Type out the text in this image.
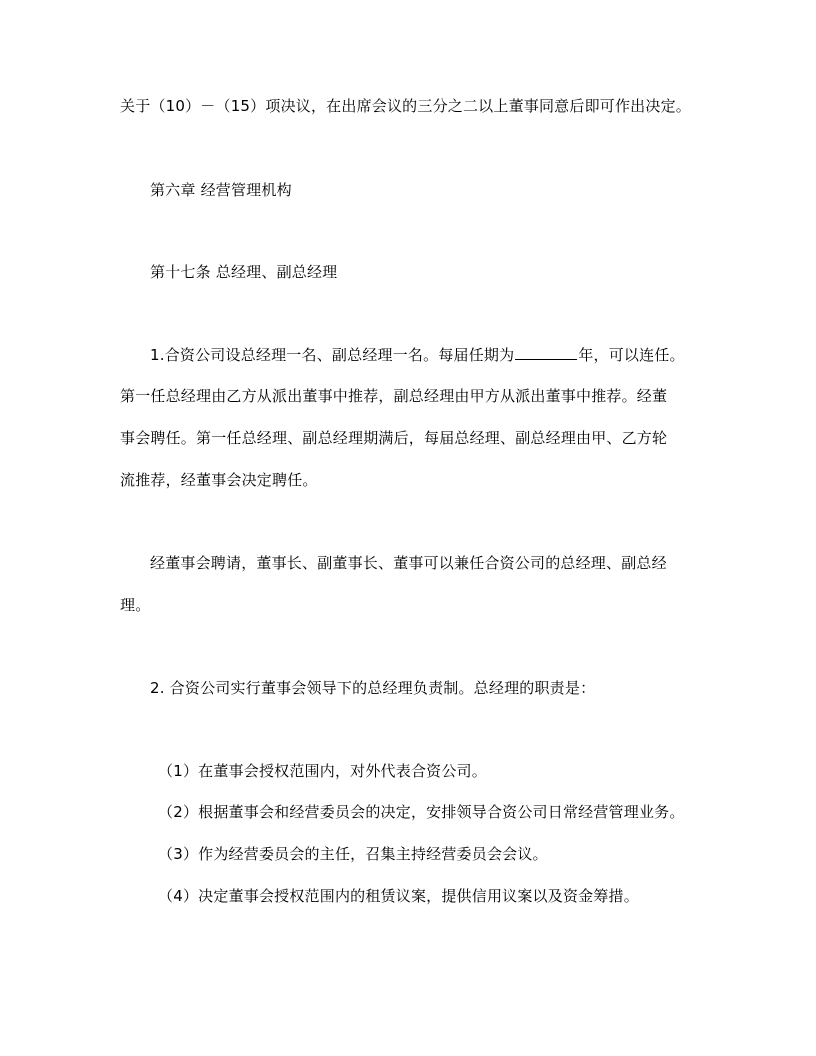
关于（10）－（15）项决议，在出席会议的三分之二以上董事同意后即可作出决定。
第六章 经营管理机构
第十七条 总经理、副总经理
1.合资公司设总经理一名、副总经理一名。每届任期为	年，可以连任。
第一任总经理由乙方从派出董事中推荐，副总经理由甲方从派出董事中推荐。经董
事会聘任。第一任总经理、副总经理期满后，每届总经理、副总经理由甲、乙方轮
流推荐，经董事会决定聘任。
经董事会聘请，董事长、副董事长、董事可以兼任合资公司的总经理、副总经
理。
2. 合资公司实行董事会领导下的总经理负责制。总经理的职责是：
（1）在董事会授权范围内，对外代表合资公司。
（2）根据董事会和经营委员会的决定，安排领导合资公司日常经营管理业务。
（3）作为经营委员会的主任，召集主持经营委员会会议。
（4）决定董事会授权范围内的租赁议案，提供信用议案以及资金筹措。
